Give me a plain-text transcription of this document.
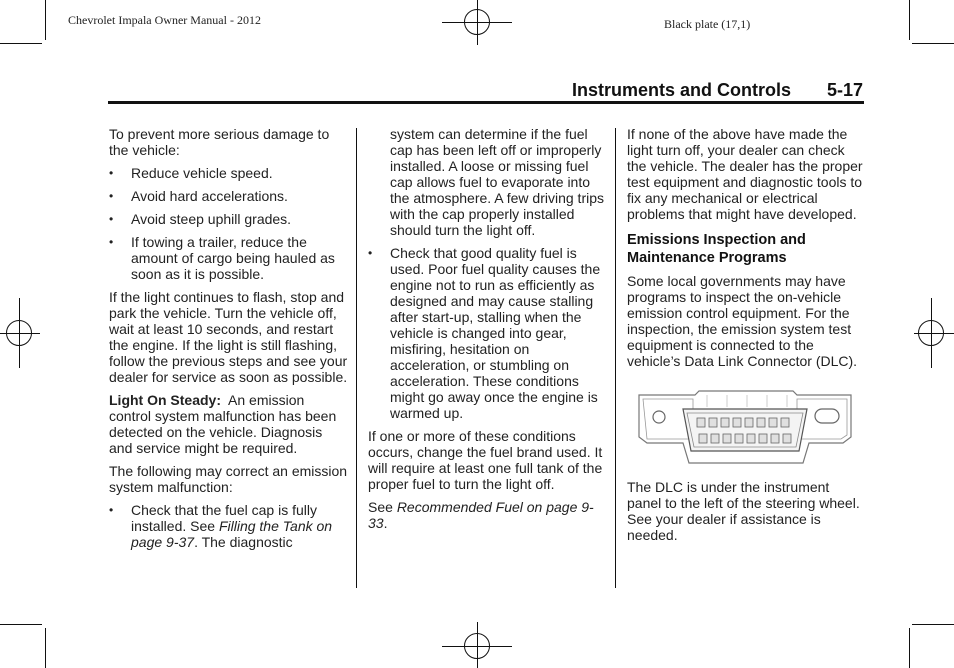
Chevrolet Impala Owner Manual - 2012	Black plate (17,1)
Instruments and Controls 5-17

To prevent more serious damage to the vehicle:

• Reduce vehicle speed.
• Avoid hard accelerations.
• Avoid steep uphill grades.
• If towing a trailer, reduce the amount of cargo being hauled as soon as it is possible.

If the light continues to flash, stop and park the vehicle. Turn the vehicle off, wait at least 10 seconds, and restart the engine. If the light is still flashing, follow the previous steps and see your dealer for service as soon as possible.

Light On Steady: An emission control system malfunction has been detected on the vehicle. Diagnosis and service might be required.

The following may correct an emission system malfunction:

• Check that the fuel cap is fully installed. See Filling the Tank on page 9-37. The diagnostic
system can determine if the fuel cap has been left off or improperly installed. A loose or missing fuel cap allows fuel to evaporate into the atmosphere. A few driving trips with the cap properly installed should turn the light off.
• Check that good quality fuel is used. Poor fuel quality causes the engine not to run as efficiently as designed and may cause stalling after start-up, stalling when the vehicle is changed into gear, misfiring, hesitation on acceleration, or stumbling on acceleration. These conditions might go away once the engine is warmed up.

If one or more of these conditions occurs, change the fuel brand used. It will require at least one full tank of the proper fuel to turn the light off.

See Recommended Fuel on page 9-33.

If none of the above have made the light turn off, your dealer can check the vehicle. The dealer has the proper test equipment and diagnostic tools to fix any mechanical or electrical problems that might have developed.

Emissions Inspection and Maintenance Programs

Some local governments may have programs to inspect the on-vehicle emission control equipment. For the inspection, the emission system test equipment is connected to the vehicle’s Data Link Connector (DLC).

The DLC is under the instrument panel to the left of the steering wheel. See your dealer if assistance is needed.
